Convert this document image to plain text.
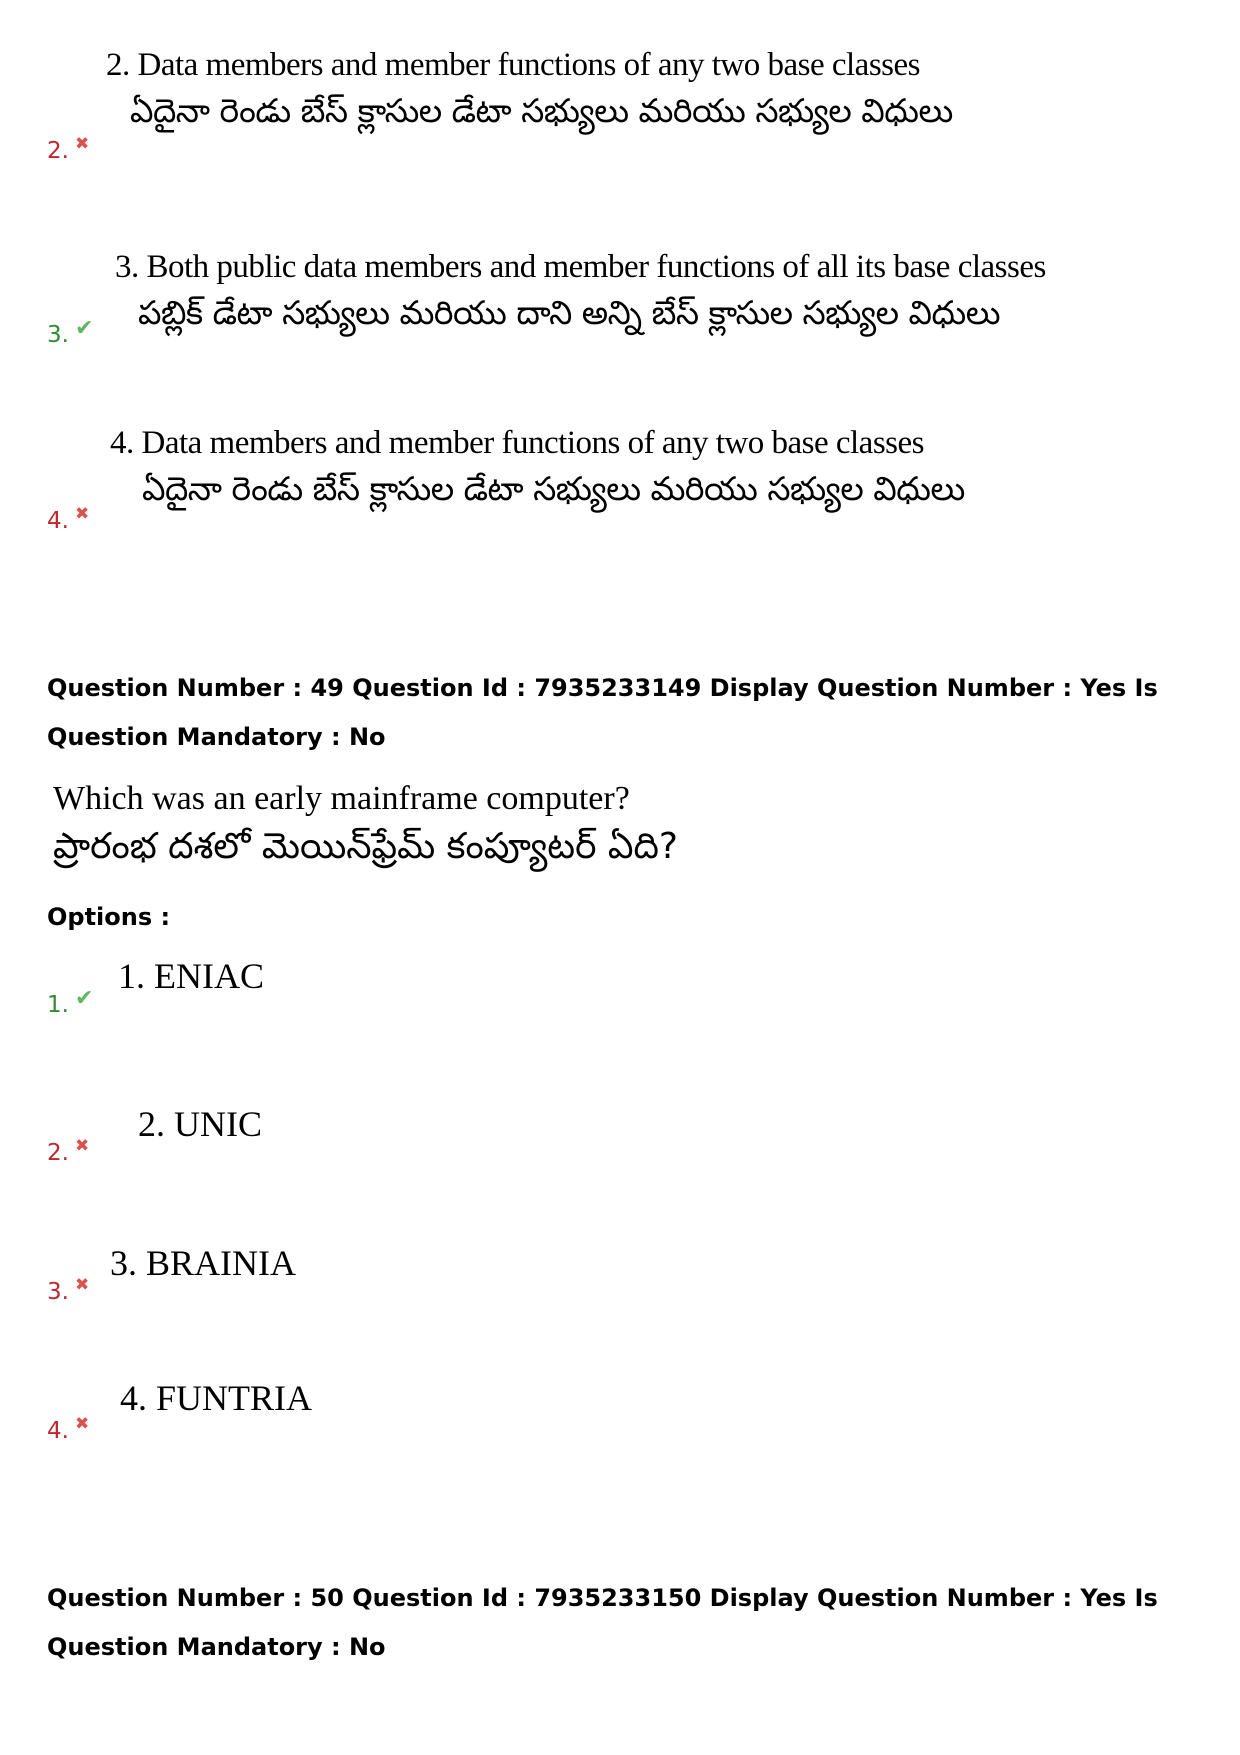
2. Data members and member functions of any two base classes
ఏదైనా రెండు బేస్ క్లాసుల డేటా సభ్యులు మరియు సభ్యుల విధులు
2. ✖
3. Both public data members and member functions of all its base classes
పబ్లిక్ డేటా సభ్యులు మరియు దాని అన్ని బేస్ క్లాసుల సభ్యుల విధులు
3. ✔
4. Data members and member functions of any two base classes
ఏదైనా రెండు బేస్ క్లాసుల డేటా సభ్యులు మరియు సభ్యుల విధులు
4. ✖
Question Number : 49 Question Id : 7935233149 Display Question Number : Yes Is Question Mandatory : No
Which was an early mainframe computer?
ప్రారంభ దశలో మెయిన్‌ఫ్రేమ్ కంప్యూటర్ ఏది?
Options :
1. ENIAC
1. ✔
2. UNIC
2. ✖
3. BRAINIA
3. ✖
4. FUNTRIA
4. ✖
Question Number : 50 Question Id : 7935233150 Display Question Number : Yes Is Question Mandatory : No
